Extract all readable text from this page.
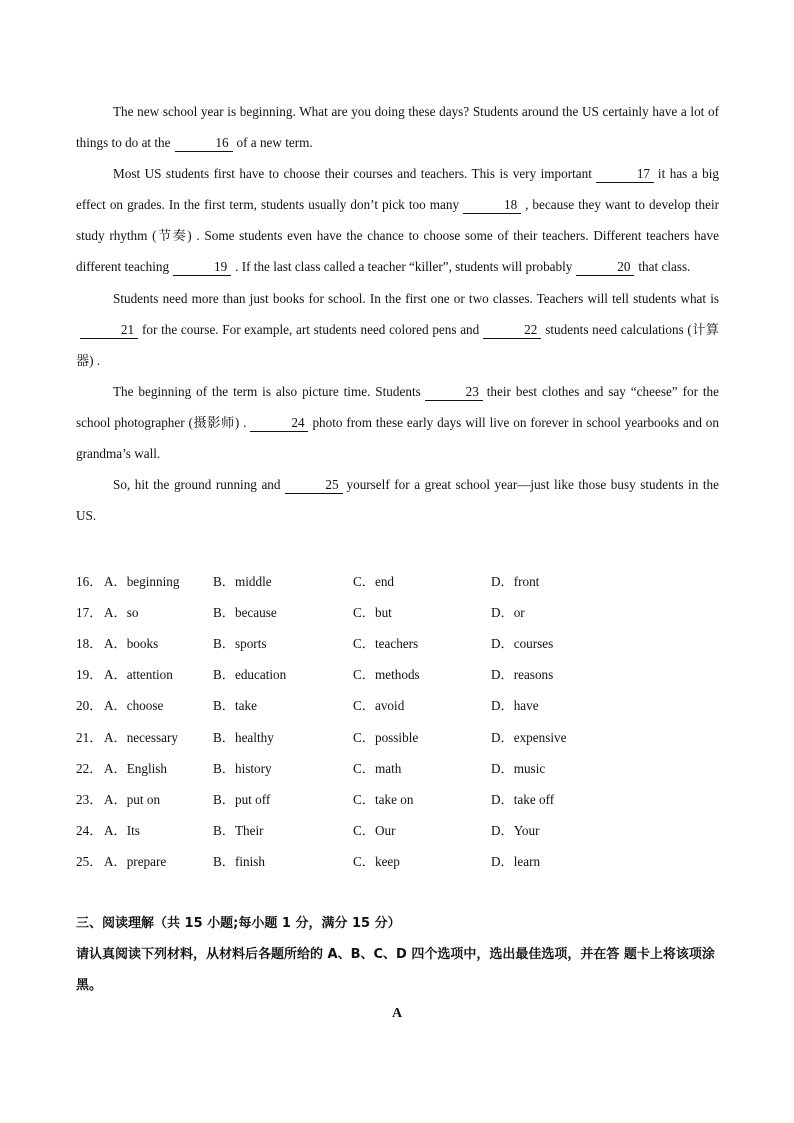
The new school year is beginning. What are you doing these days? Students around the US certainly have a lot of things to do at the	16 of a new term.

Most US students first have to choose their courses and teachers. This is very important	17 it has a big effect on grades. In the first term, students usually don’t pick too many	18 , because they want to develop their study rhythm (节奏) . Some students even have the chance to choose some of their teachers. Different teachers have different teaching	19 . If the last class called a teacher “killer”, students will probably	20 that class.

Students need more than just books for school. In the first one or two classes. Teachers will tell students what is21 for the course. For example, art students need colored pens and	22 students need calculations (计算器) .

The beginning of the term is also picture time. Students	23 their best clothes and say “cheese” for the school photographer (摄影师) .	24 photo from these early days will live on forever in school yearbooks and on grandma’s wall.

So, hit the ground running and	25 yourself for a great school year—just like those busy students in the US.

16． A．beginning	B．middle	C．end	D．front
17． A．so	B．because	C．but	D．or
18． A．books	B．sports	C．teachers	D．courses
19． A．attention	B．education	C．methods	D．reasons
20． A．choose	B．take	C．avoid	D．have
21． A．necessary	B．healthy	C．possible	D．expensive
22． A．English	B．history	C．math	D．music
23． A．put on	B．put off	C．take on	D．take off
24． A．Its	B．Their	C．Our	D．Your
25． A．prepare	B．finish	C．keep	D．learn
三、阅读理解（共 15 小题;每小题 1 分，满分 15 分）
请认真阅读下列材料，从材料后各题所给的 A、B、C、D 四个选项中，选出最佳选项，并在答 题卡上将该项涂黑。
A
